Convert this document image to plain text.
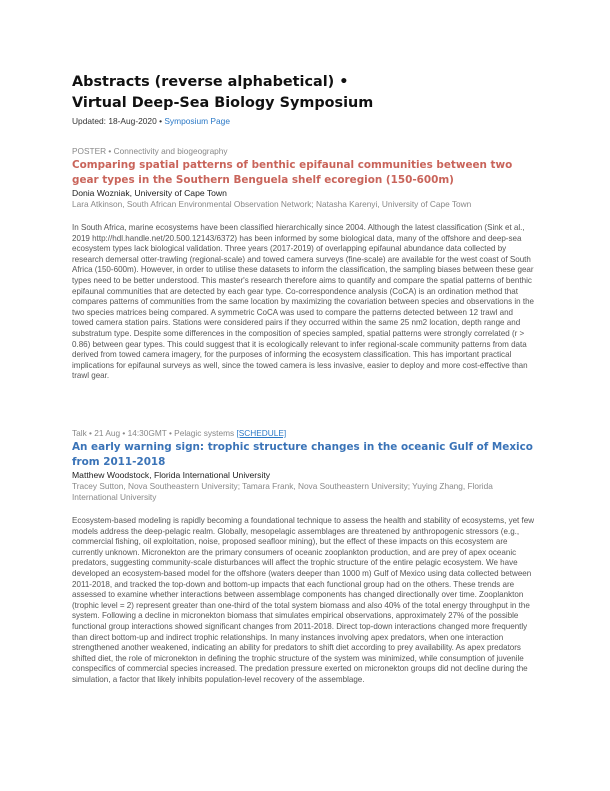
Abstracts (reverse alphabetical) •
Virtual Deep-Sea Biology Symposium
Updated: 18-Aug-2020 • Symposium Page
POSTER • Connectivity and biogeography
Comparing spatial patterns of benthic epifaunal communities between two gear types in the Southern Benguela shelf ecoregion (150-600m)
Donia Wozniak, University of Cape Town
Lara Atkinson, South African Environmental Observation Network; Natasha Karenyi, University of Cape Town
In South Africa, marine ecosystems have been classified hierarchically since 2004. Although the latest classification (Sink et al., 2019 http://hdl.handle.net/20.500.12143/6372) has been informed by some biological data, many of the offshore and deep-sea ecosystem types lack biological validation. Three years (2017-2019) of overlapping epifaunal abundance data collected by research demersal otter-trawling (regional-scale) and towed camera surveys (fine-scale) are available for the west coast of South Africa (150-600m). However, in order to utilise these datasets to inform the classification, the sampling biases between these gear types need to be better understood. This master's research therefore aims to quantify and compare the spatial patterns of benthic epifaunal communities that are detected by each gear type. Co-correspondence analysis (CoCA) is an ordination method that compares patterns of communities from the same location by maximizing the covariation between species and observations in the two species matrices being compared. A symmetric CoCA was used to compare the patterns detected between 12 trawl and towed camera station pairs. Stations were considered pairs if they occurred within the same 25 nm2 location, depth range and substratum type. Despite some differences in the composition of species sampled, spatial patterns were strongly correlated (r > 0.86) between gear types. This could suggest that it is ecologically relevant to infer regional-scale community patterns from data derived from towed camera imagery, for the purposes of informing the ecosystem classification. This has important practical implications for epifaunal surveys as well, since the towed camera is less invasive, easier to deploy and more cost-effective than trawl gear.
Talk • 21 Aug • 14:30GMT • Pelagic systems [SCHEDULE]
An early warning sign: trophic structure changes in the oceanic Gulf of Mexico from 2011-2018
Matthew Woodstock, Florida International University
Tracey Sutton, Nova Southeastern University; Tamara Frank, Nova Southeastern University; Yuying Zhang, Florida International University
Ecosystem-based modeling is rapidly becoming a foundational technique to assess the health and stability of ecosystems, yet few models address the deep-pelagic realm. Globally, mesopelagic assemblages are threatened by anthropogenic stressors (e.g., commercial fishing, oil exploitation, noise, proposed seafloor mining), but the effect of these impacts on this ecosystem are currently unknown. Micronekton are the primary consumers of oceanic zooplankton production, and are prey of apex oceanic predators, suggesting community-scale disturbances will affect the trophic structure of the entire pelagic ecosystem. We have developed an ecosystem-based model for the offshore (waters deeper than 1000 m) Gulf of Mexico using data collected between 2011-2018, and tracked the top-down and bottom-up impacts that each functional group had on the others. These trends are assessed to examine whether interactions between assemblage components has changed directionally over time. Zooplankton (trophic level = 2) represent greater than one-third of the total system biomass and also 40% of the total energy throughput in the system. Following a decline in micronekton biomass that simulates empirical observations, approximately 27% of the possible functional group interactions showed significant changes from 2011-2018. Direct top-down interactions changed more frequently than direct bottom-up and indirect trophic relationships. In many instances involving apex predators, when one interaction strengthened another weakened, indicating an ability for predators to shift diet according to prey availability. As apex predators shifted diet, the role of micronekton in defining the trophic structure of the system was minimized, while consumption of juvenile conspecifics of commercial species increased. The predation pressure exerted on micronekton groups did not decline during the simulation, a factor that likely inhibits population-level recovery of the assemblage.
